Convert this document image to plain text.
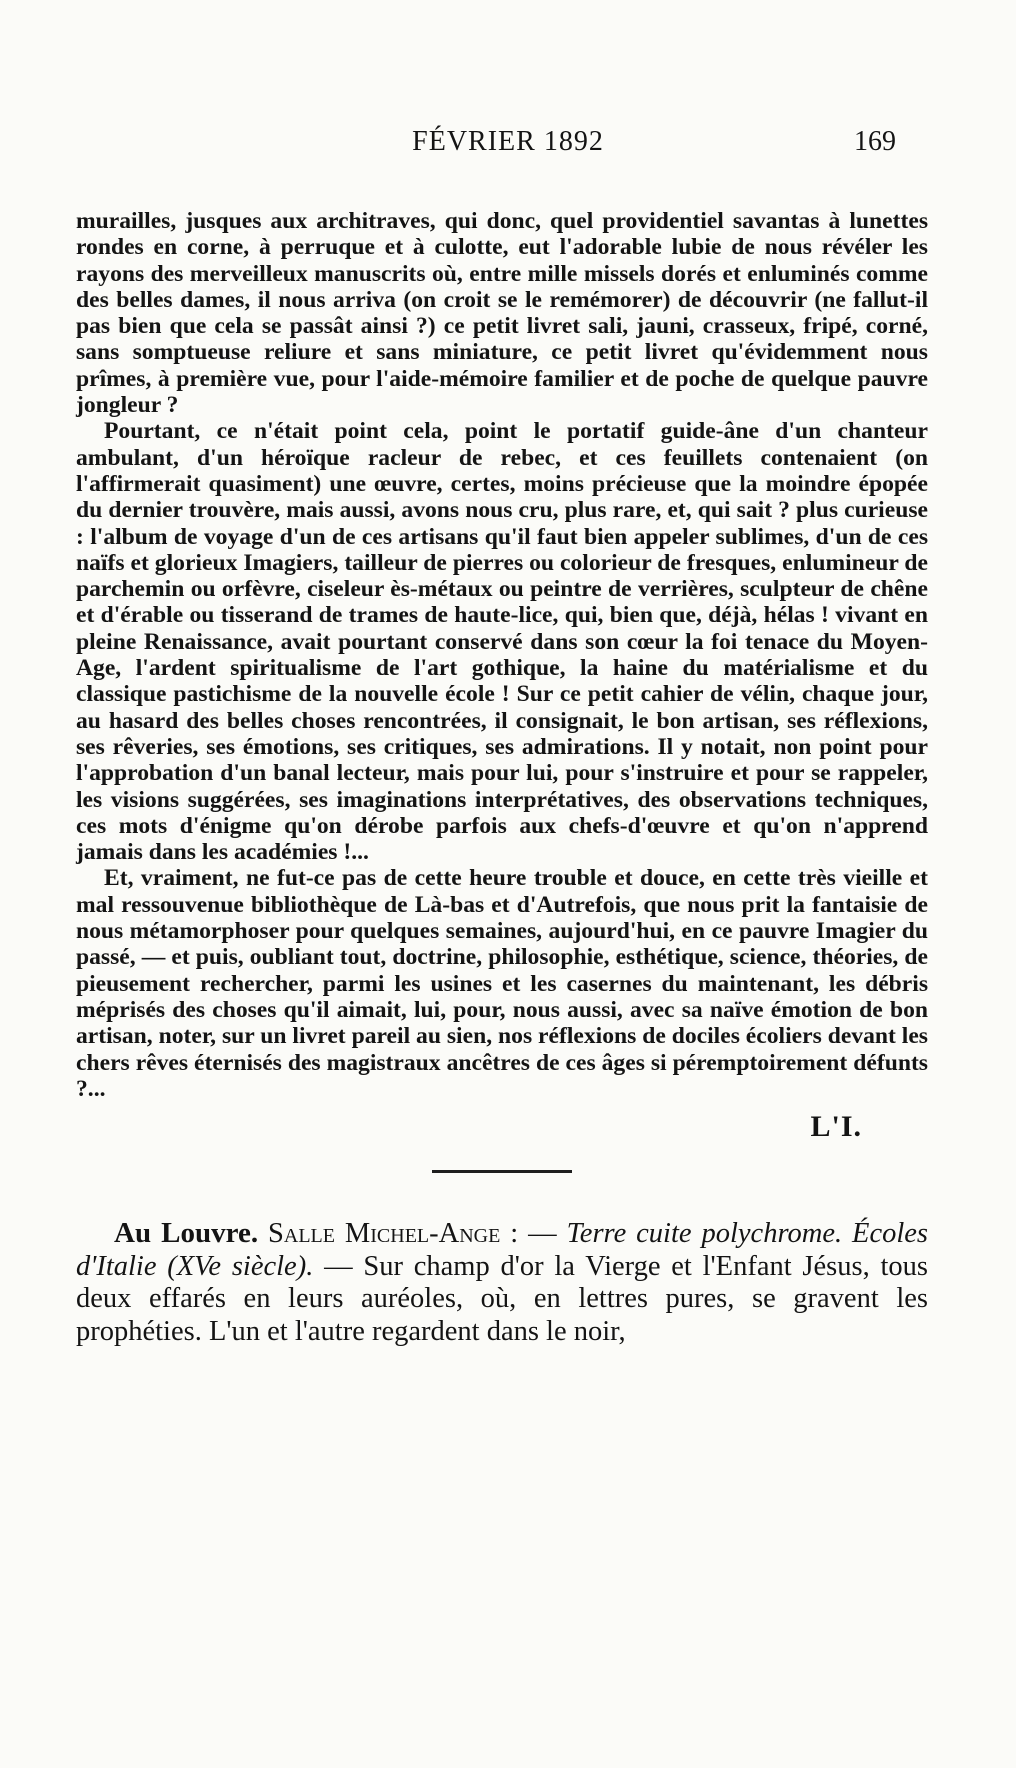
FÉVRIER 1892	169

murailles, jusques aux architraves, qui donc, quel providentiel savantas à lunettes rondes en corne, à perruque et à culotte, eut l'adorable lubie de nous révéler les rayons des merveilleux manuscrits où, entre mille missels dorés et enluminés comme des belles dames, il nous arriva (on croit se le remémorer) de découvrir (ne fallut-il pas bien que cela se passât ainsi ?) ce petit livret sali, jauni, crasseux, fripé, corné, sans somptueuse reliure et sans miniature, ce petit livret qu'évidemment nous prîmes, à première vue, pour l'aide-mémoire familier et de poche de quelque pauvre jongleur ?

Pourtant, ce n'était point cela, point le portatif guide-âne d'un chanteur ambulant, d'un héroïque racleur de rebec, et ces feuillets contenaient (on l'affirmerait quasiment) une œuvre, certes, moins précieuse que la moindre épopée du dernier trouvère, mais aussi, avons nous cru, plus rare, et, qui sait ? plus curieuse : l'album de voyage d'un de ces artisans qu'il faut bien appeler sublimes, d'un de ces naïfs et glorieux Imagiers, tailleur de pierres ou colorieur de fresques, enlumineur de parchemin ou orfèvre, ciseleur ès-métaux ou peintre de verrières, sculpteur de chêne et d'érable ou tisserand de trames de haute-lice, qui, bien que, déjà, hélas ! vivant en pleine Renaissance, avait pourtant conservé dans son cœur la foi tenace du Moyen-Age, l'ardent spiritualisme de l'art gothique, la haine du matérialisme et du classique pastichisme de la nouvelle école ! Sur ce petit cahier de vélin, chaque jour, au hasard des belles choses rencontrées, il consignait, le bon artisan, ses réflexions, ses rêveries, ses émotions, ses critiques, ses admirations. Il y notait, non point pour l'approbation d'un banal lecteur, mais pour lui, pour s'instruire et pour se rappeler, les visions suggérées, ses imaginations interprétatives, des observations techniques, ces mots d'énigme qu'on dérobe parfois aux chefs-d'œuvre et qu'on n'apprend jamais dans les académies !...

Et, vraiment, ne fut-ce pas de cette heure trouble et douce, en cette très vieille et mal ressouvenue bibliothèque de Là-bas et d'Autrefois, que nous prit la fantaisie de nous métamorphoser pour quelques semaines, aujourd'hui, en ce pauvre Imagier du passé, — et puis, oubliant tout, doctrine, philosophie, esthétique, science, théories, de pieusement rechercher, parmi les usines et les casernes du maintenant, les débris méprisés des choses qu'il aimait, lui, pour, nous aussi, avec sa naïve émotion de bon artisan, noter, sur un livret pareil au sien, nos réflexions de dociles écoliers devant les chers rêves éternisés des magistraux ancêtres de ces âges si péremptoirement défunts ?...

L'I.

Au Louvre. Salle Michel-Ange : — Terre cuite polychrome. Écoles d'Italie (XVe siècle). — Sur champ d'or la Vierge et l'Enfant Jésus, tous deux effarés en leurs auréoles, où, en lettres pures, se gravent les prophéties. L'un et l'autre regardent dans le noir,
